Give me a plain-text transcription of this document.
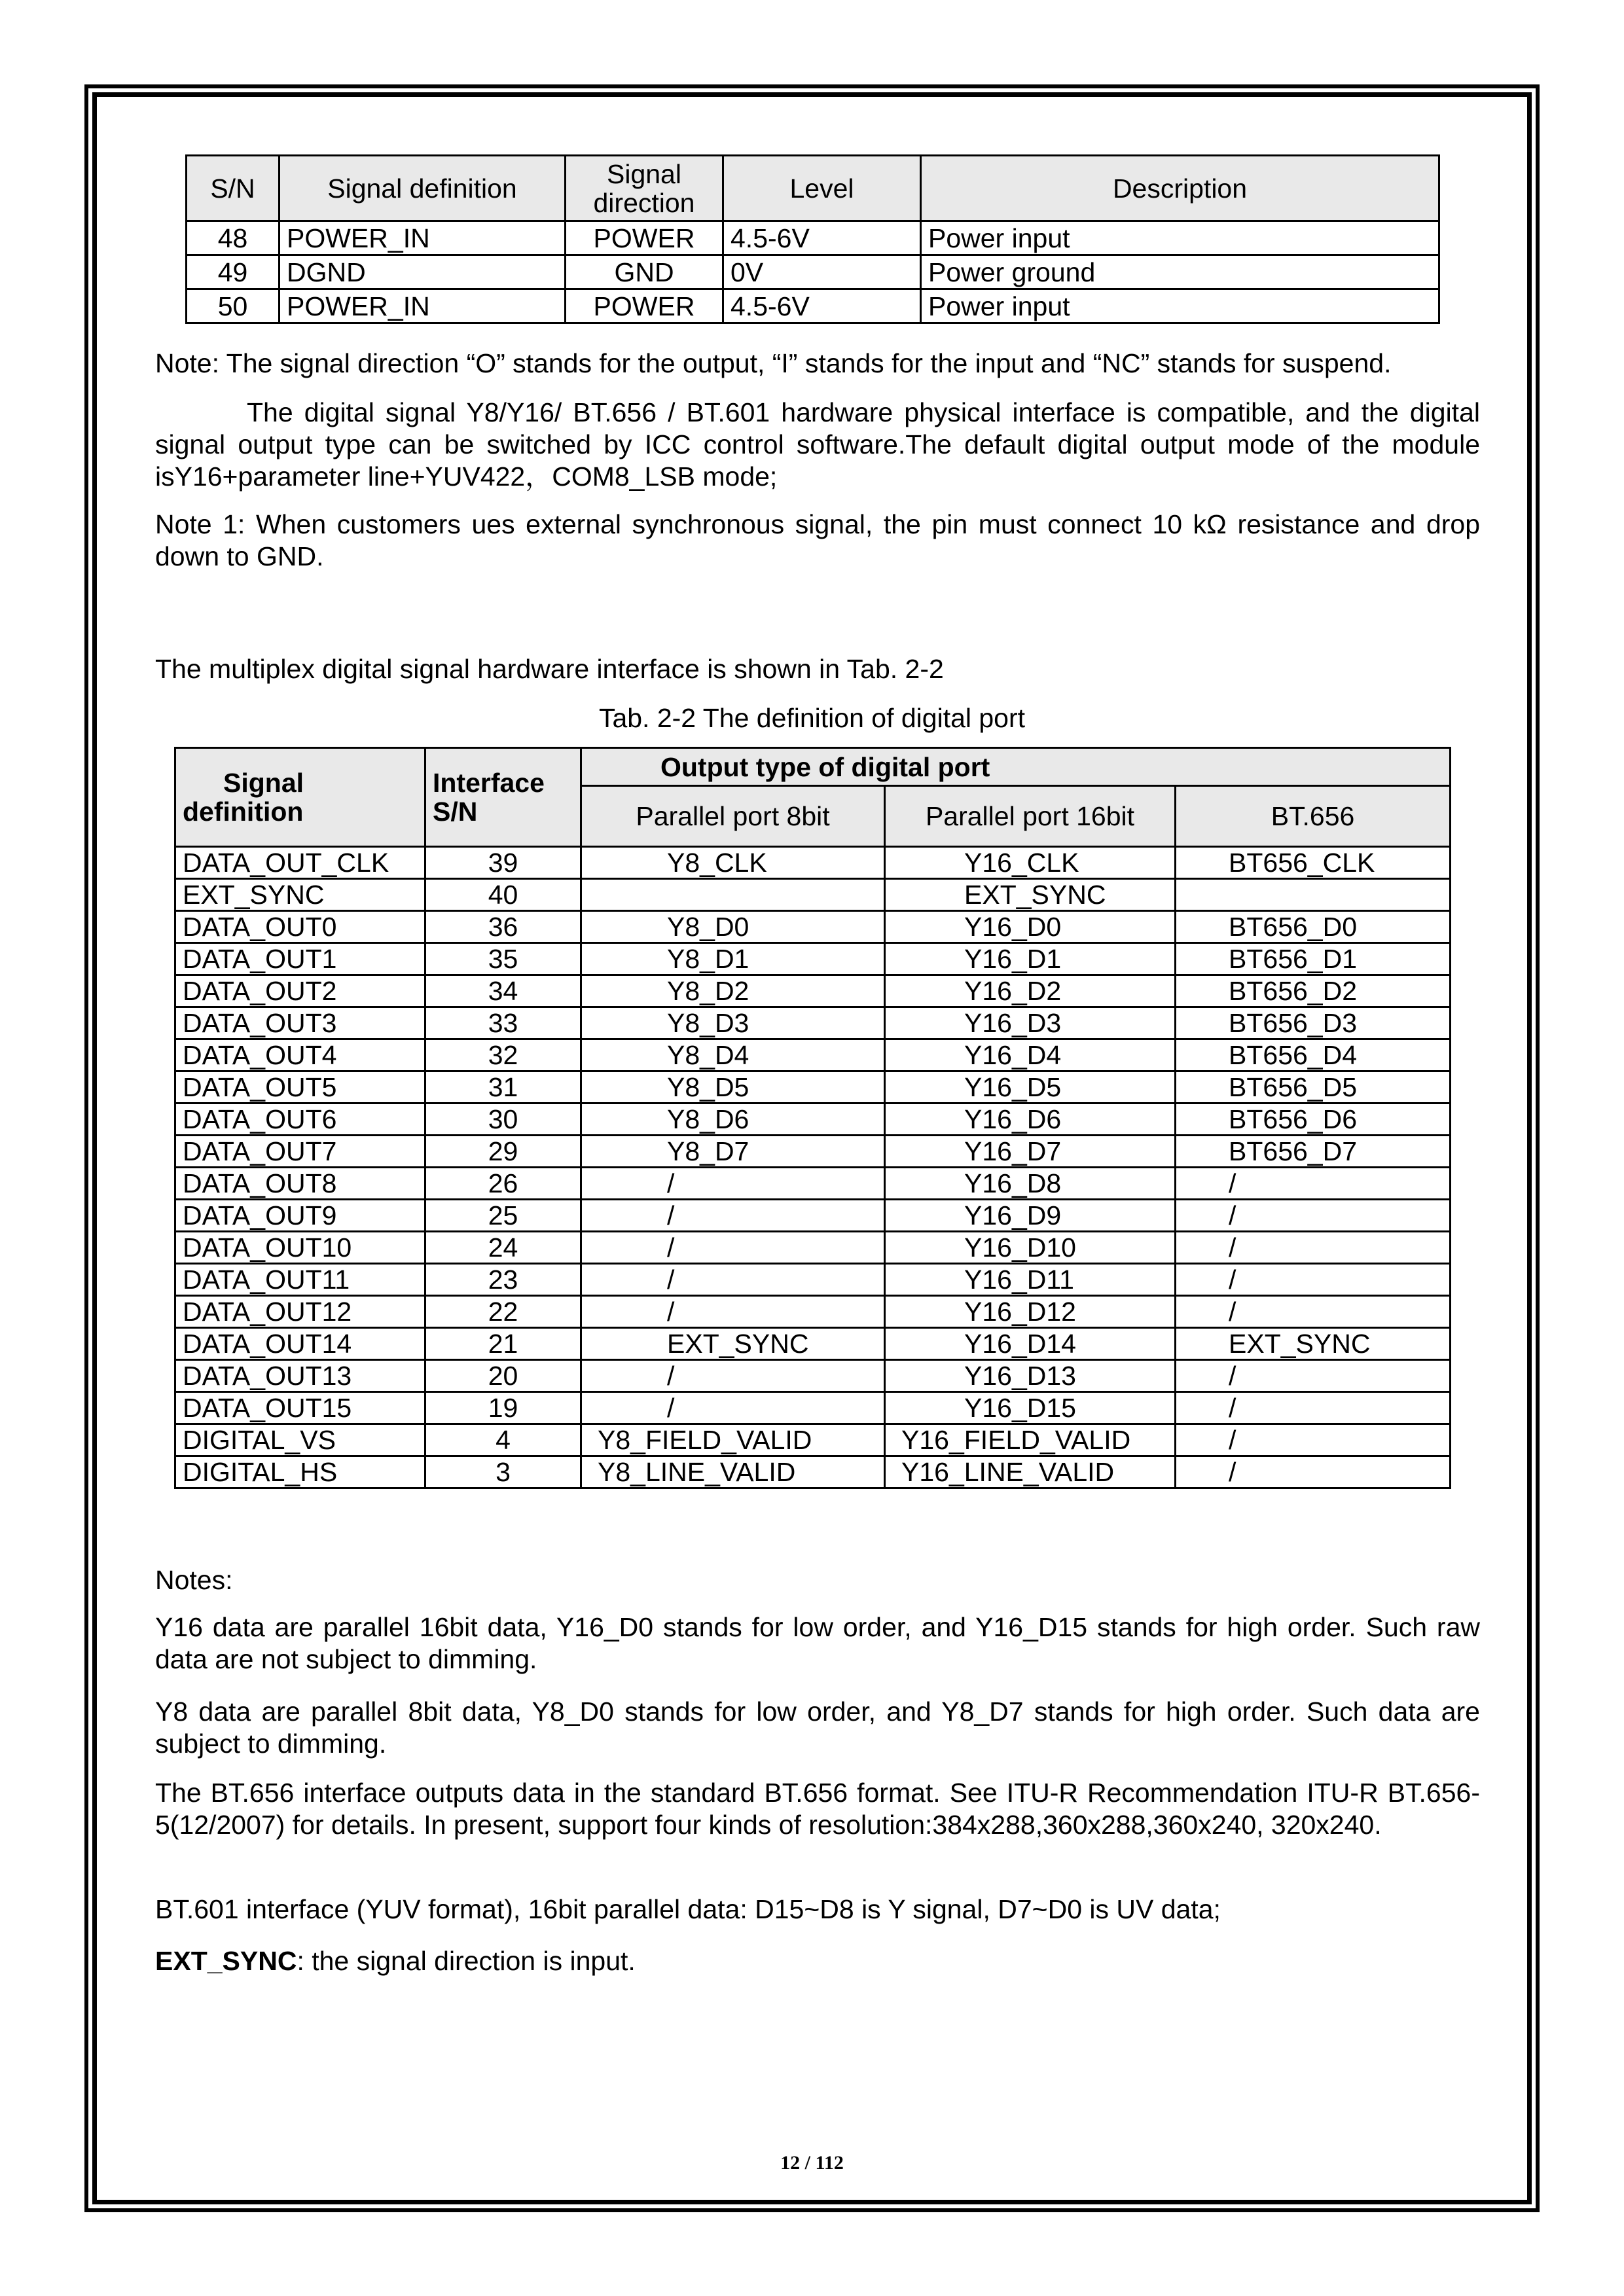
S/N	Signal definition	Signal direction	Level	Description
48	POWER_IN	POWER	4.5-6V	Power input
49	DGND	GND	0V	Power ground
50	POWER_IN	POWER	4.5-6V	Power input
Note: The signal direction “O” stands for the output, “I” stands for the input and “NC” stands for suspend.
The digital signal Y8/Y16/ BT.656 / BT.601 hardware physical interface is compatible, and the digital signal output type can be switched by ICC control software.The default digital output mode of the module isY16+parameter line+YUV422，COM8_LSB mode;
Note 1: When customers ues external synchronous signal, the pin must connect 10 kΩ resistance and drop down to GND.
The multiplex digital signal hardware interface is shown in Tab. 2-2
Tab. 2-2 The definition of digital port
Signal definition	Interface S/N	Output type of digital port		
		Parallel port 8bit	Parallel port 16bit	BT.656
DATA_OUT_CLK	39	Y8_CLK	Y16_CLK	BT656_CLK
EXT_SYNC	40		EXT_SYNC	
DATA_OUT0	36	Y8_D0	Y16_D0	BT656_D0
DATA_OUT1	35	Y8_D1	Y16_D1	BT656_D1
DATA_OUT2	34	Y8_D2	Y16_D2	BT656_D2
DATA_OUT3	33	Y8_D3	Y16_D3	BT656_D3
DATA_OUT4	32	Y8_D4	Y16_D4	BT656_D4
DATA_OUT5	31	Y8_D5	Y16_D5	BT656_D5
DATA_OUT6	30	Y8_D6	Y16_D6	BT656_D6
DATA_OUT7	29	Y8_D7	Y16_D7	BT656_D7
DATA_OUT8	26	/	Y16_D8	/
DATA_OUT9	25	/	Y16_D9	/
DATA_OUT10	24	/	Y16_D10	/
DATA_OUT11	23	/	Y16_D11	/
DATA_OUT12	22	/	Y16_D12	/
DATA_OUT14	21	EXT_SYNC	Y16_D14	EXT_SYNC
DATA_OUT13	20	/	Y16_D13	/
DATA_OUT15	19	/	Y16_D15	/
DIGITAL_VS	4	Y8_FIELD_VALID	Y16_FIELD_VALID	/
DIGITAL_HS	3	Y8_LINE_VALID	Y16_LINE_VALID	/
Notes:
Y16 data are parallel 16bit data, Y16_D0 stands for low order, and Y16_D15 stands for high order. Such raw data are not subject to dimming.
Y8 data are parallel 8bit data, Y8_D0 stands for low order, and Y8_D7 stands for high order. Such data are subject to dimming.
The BT.656 interface outputs data in the standard BT.656 format. See ITU-R Recommendation ITU-R BT.656-5(12/2007) for details. In present, support four kinds of resolution:384x288,360x288,360x240, 320x240.
BT.601 interface (YUV format), 16bit parallel data: D15~D8 is Y signal, D7~D0 is UV data;
EXT_SYNC: the signal direction is input.
12 / 112
